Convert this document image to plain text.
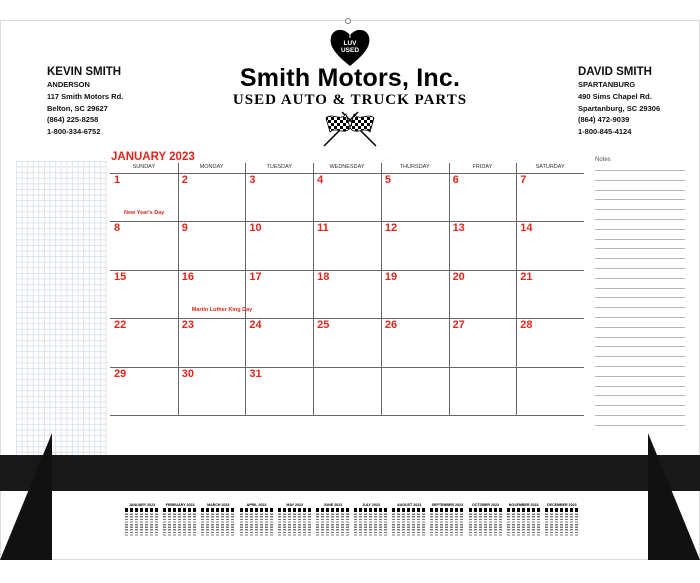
KEVIN SMITH
ANDERSON
117 Smith Motors Rd.
Belton, SC 29627
(864) 225-8258
1-800-334-6752
DAVID SMITH
SPARTANBURG
490 Sims Chapel Rd.
Spartanburg, SC 29306
(864) 472-9039
1-800-845-4124
I
LUV
USED
Smith Motors, Inc.
USED AUTO & TRUCK PARTS
JANUARY 2023
SUNDAY	MONDAY	TUESDAY	WEDNESDAY	THURSDAY	FRIDAY	SATURDAY
1	2	3	4	5	6	7
8	9	10	11	12	13	14
15	16	17	18	19	20	21
22	23	24	25	26	27	28
29	30	31
New Year's Day
Martin Luther King Day
Notes
JANUARY 2023	FEBRUARY 2023	MARCH 2023	APRIL 2023	MAY 2023	JUNE 2023	JULY 2023	AUGUST 2023	SEPTEMBER 2023	OCTOBER 2023	NOVEMBER 2023	DECEMBER 2023
